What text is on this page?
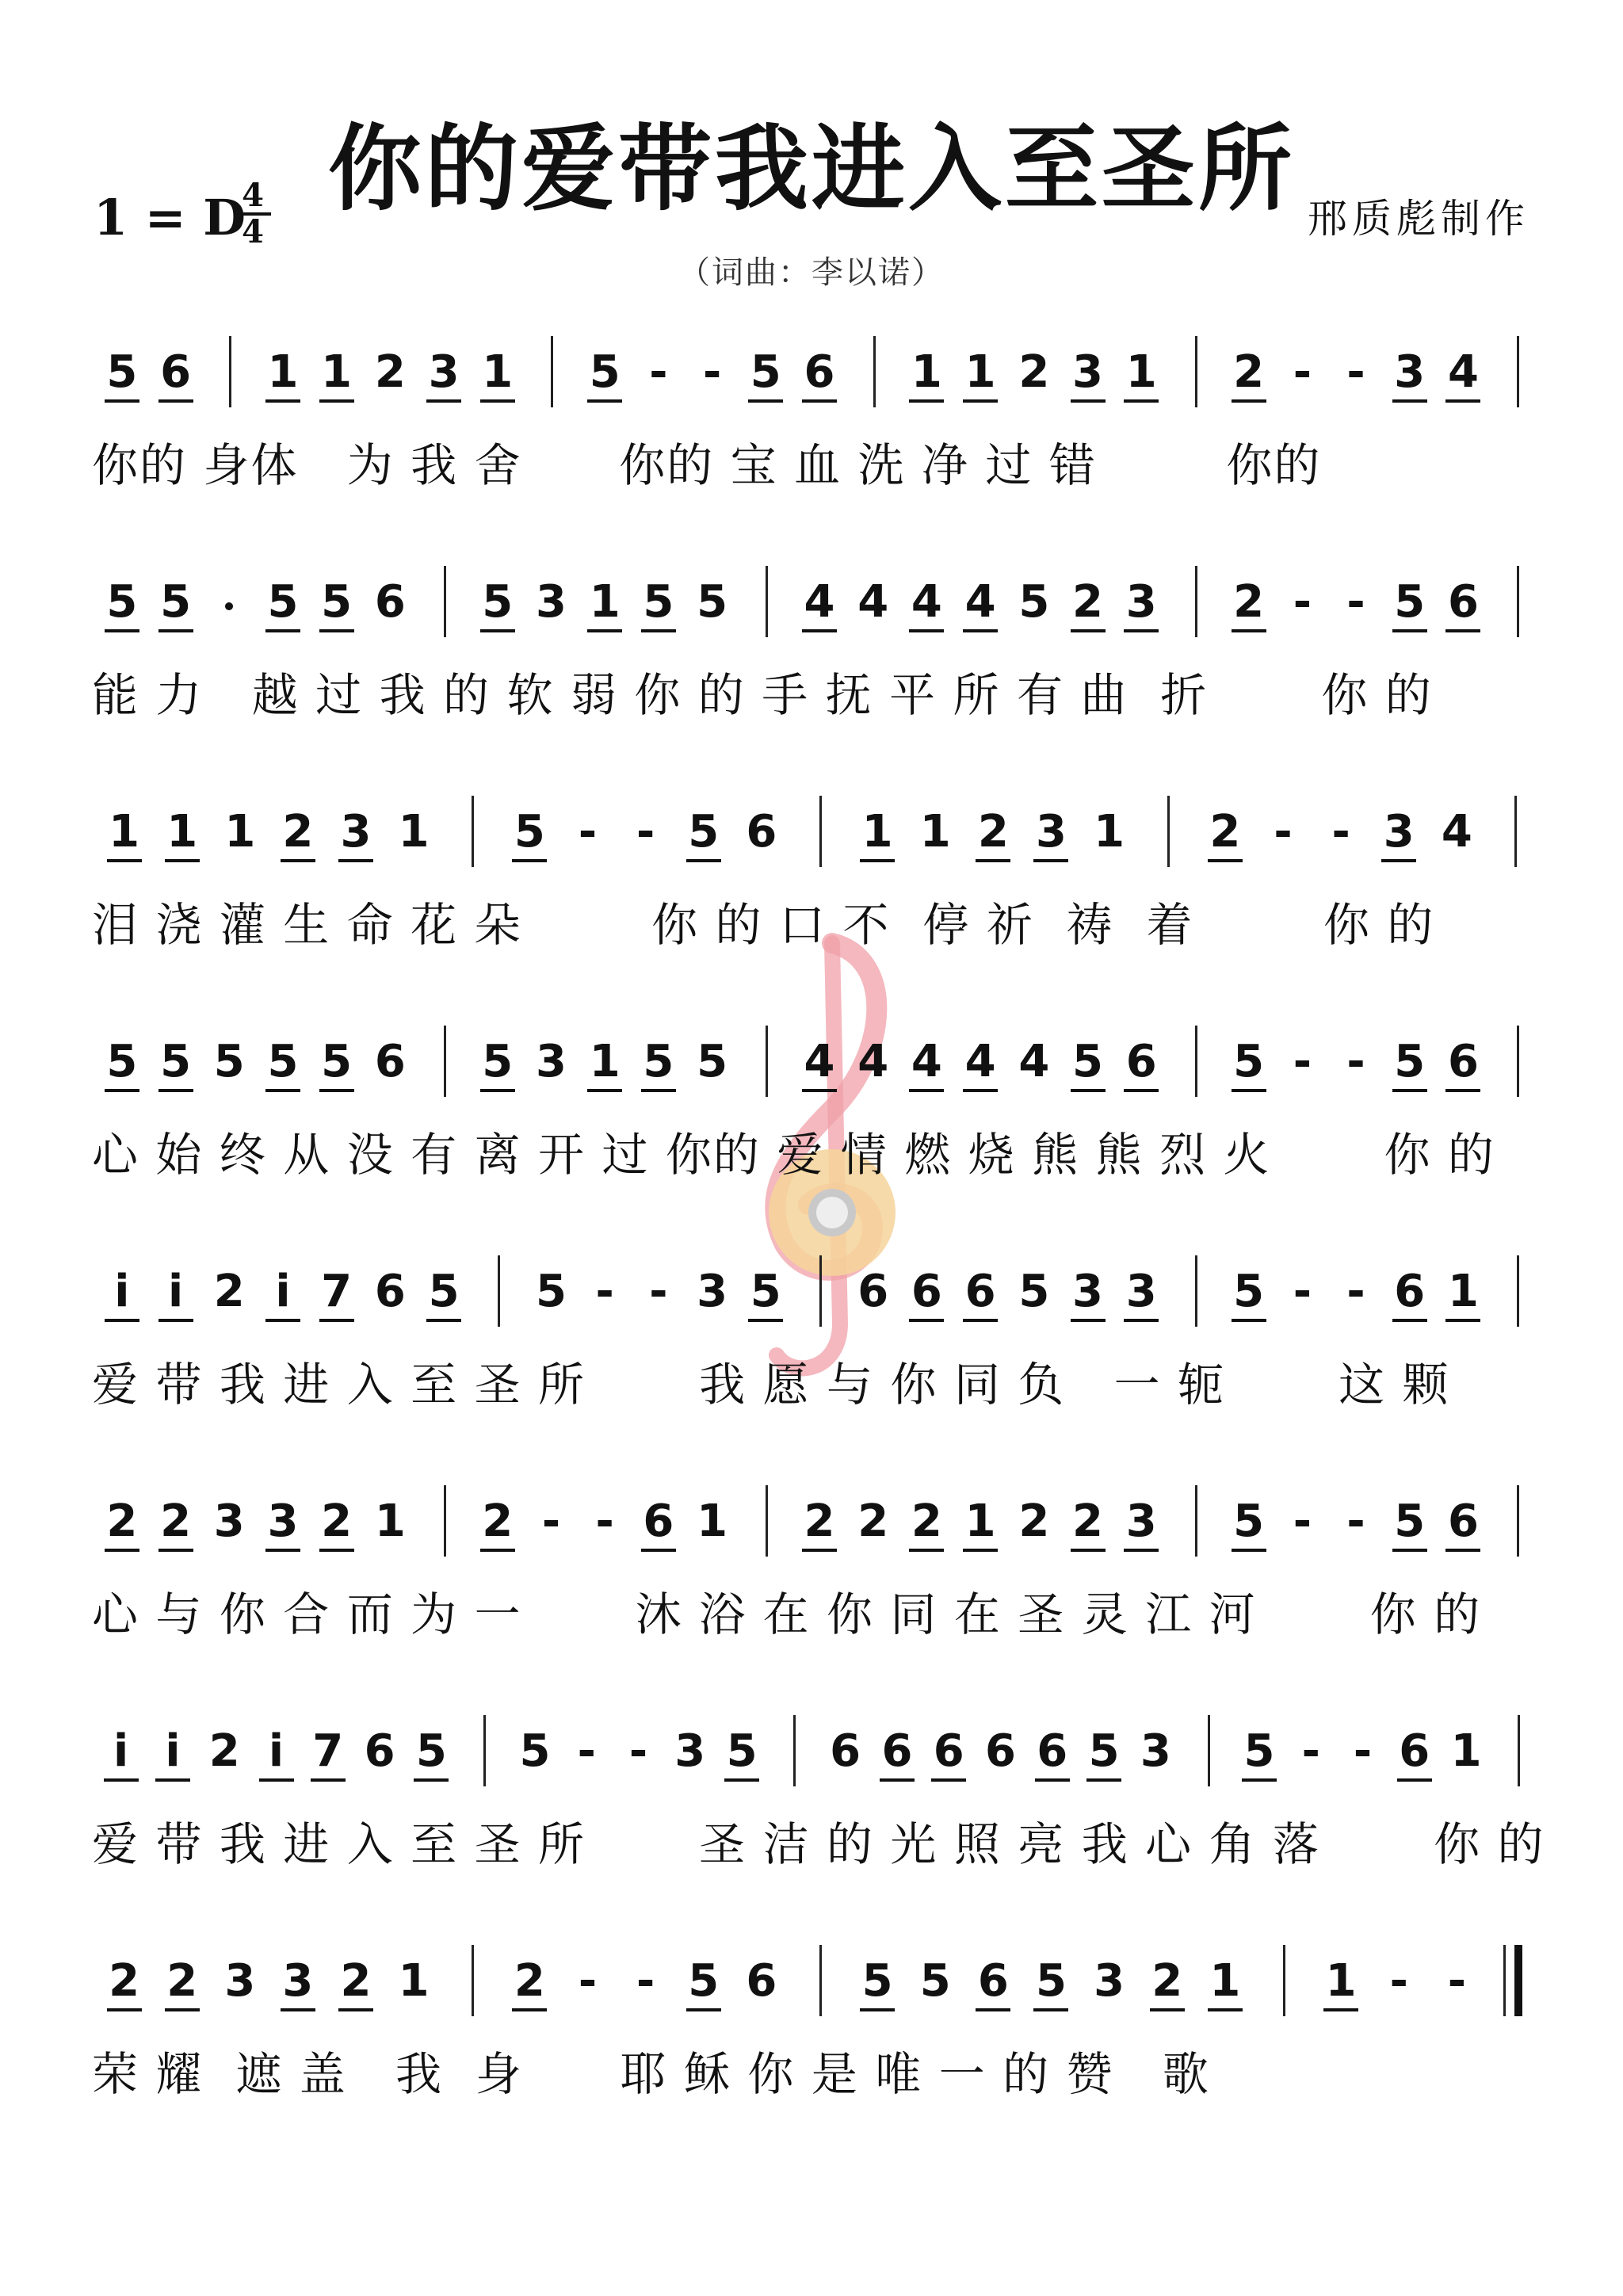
你的爱带我进入至圣所
1 = D
$\frac{4}{4}$	邢质彪制作
（词曲：李以诺）
5 6 1 1 2 3 1 5 - - 5 6 1 1 2 3 1 2 - - 3 4
你的 身体   为 我 舍      你的 宝 血 洗 净 过 错        你的
5 5 5 5 6 5 3 1 5 5 4 4 4 4 5 2 3 2 - - 5 6
能 力   越 过 我 的 软 弱 你 的 手 抚 平 所 有 曲  折       你 的
1 1 1 2 3 1 5 - - 5 6 1 1 2 3 1 2 - - 3 4
泪 浇 灌 生 命 花 朵        你 的 口 不  停 祈  祷  着        你 的
5 5 5 5 5 6 5 3 1 5 5 4 4 4 4 4 5 6 5 - - 5 6
心 始 终 从 没 有 离 开 过 你的 爱 情 燃 烧 熊 熊 烈 火       你 的
i i 2 i 7 6 5 5 - - 3 5 6 6 6 5 3 3 5 - - 6 1
爱 带 我 进 入 至 圣 所       我 愿 与 你 同 负   一 轭       这 颗
2 2 3 3 2 1 2 - - 6 1 2 2 2 1 2 2 3 5 - - 5 6
心 与 你 合 而 为 一       沐 浴 在 你 同 在 圣 灵 江 河       你 的
i i 2 i 7 6 5 5 - - 3 5 6 6 6 6 6 5 3 5 - - 6 1
爱 带 我 进 入 至 圣 所       圣 洁 的 光 照 亮 我 心 角 落       你 的
2 2 3 3 2 1 2 - - 5 6 5 5 6 5 3 2 1 1 - -
荣 耀  遮 盖   我  身      耶 稣 你 是 唯 一 的 赞   歌
